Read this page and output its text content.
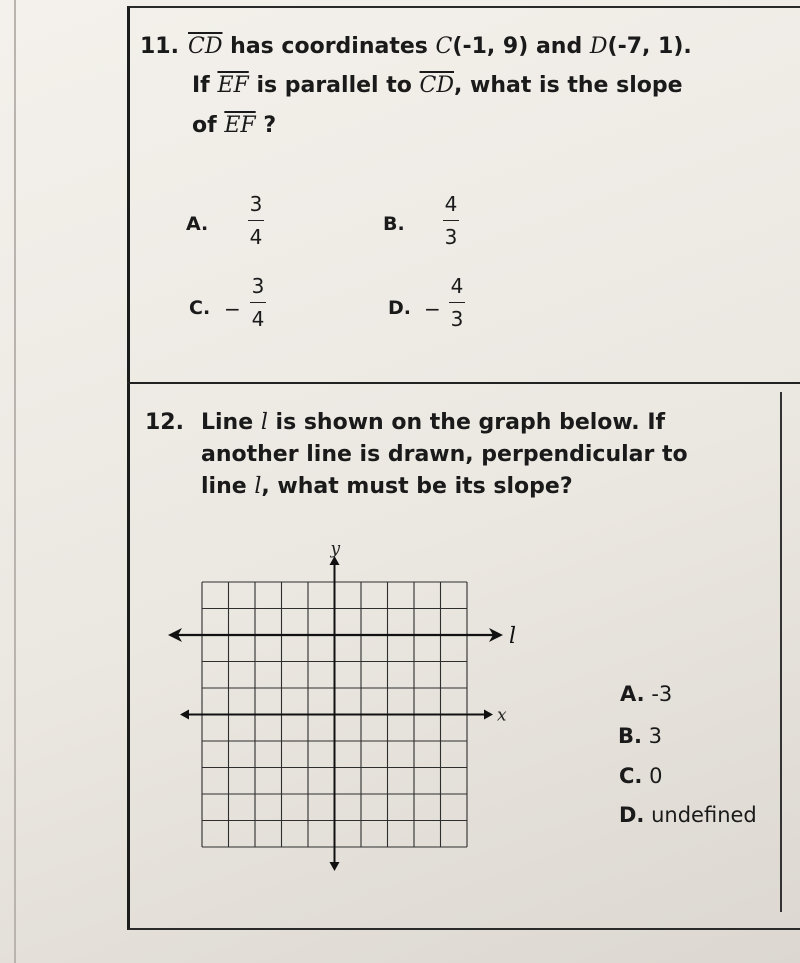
11. $\overline{CD}$ has coordinates C(-1, 9) and D(-7, 1).
If $\overline{EF}$ is parallel to $\overline{CD}$, what is the slope
of $\overline{EF}$ ?
A.
3
4
B.
4
3
C. −
3
4	D. −
4
3
12. Line l is shown on the graph below. If
another line is drawn, perpendicular to
line l, what must be its slope?
y
x
l
A. -3
B. 3
C. 0
D. undefined
